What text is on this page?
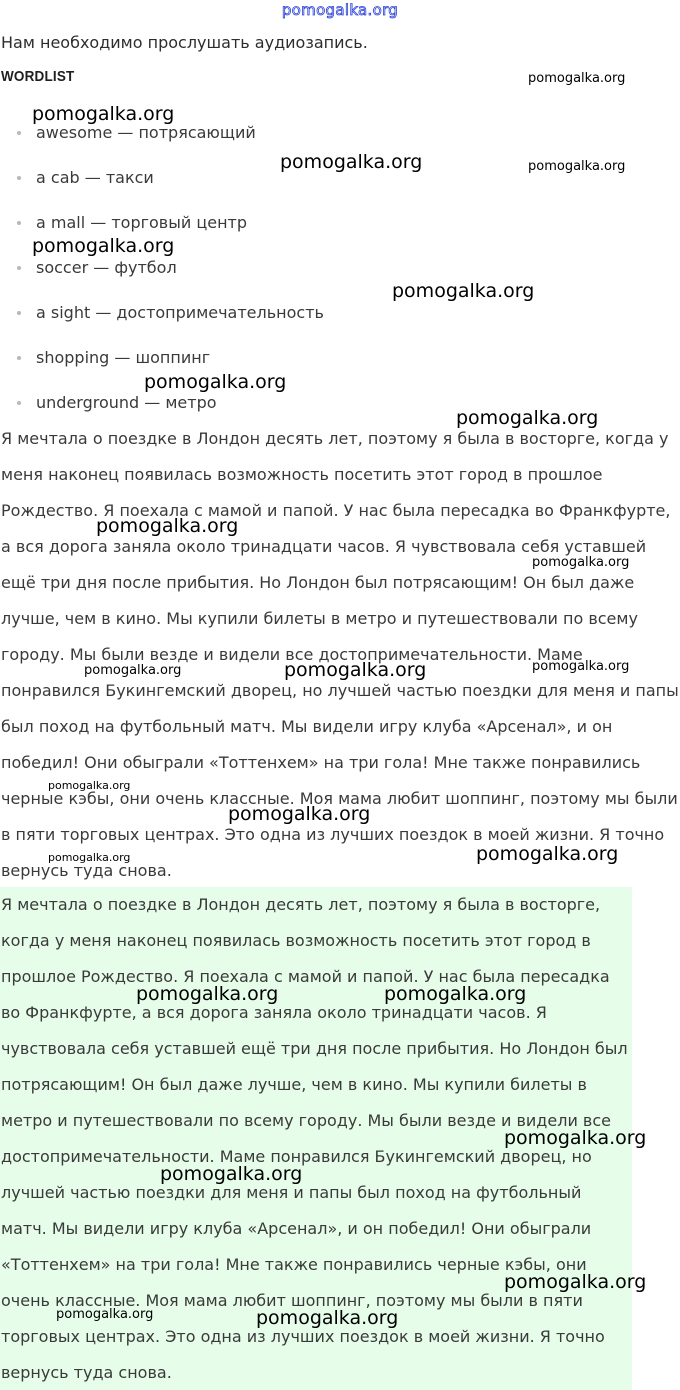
pomogalka.org

Нам необходимо прослушать аудиозапись.

WORDLIST
awesome — потрясающий
a cab — такси
a mall — торговый центр
soccer — футбол
a sight — достопримечательность
shopping — шоппинг
underground — метро

Я мечтала о поездке в Лондон десять лет, поэтому я была в восторге, когда у меня наконец появилась возможность посетить этот город в прошлое Рождество. Я поехала с мамой и папой. У нас была пересадка во Франкфурте, а вся дорога заняла около тринадцати часов. Я чувствовала себя уставшей ещё три дня после прибытия. Но Лондон был потрясающим! Он был даже лучше, чем в кино. Мы купили билеты в метро и путешествовали по всему городу. Мы были везде и видели все достопримечательности. Маме понравился Букингемский дворец, но лучшей частью поездки для меня и папы был поход на футбольный матч. Мы видели игру клуба «Арсенал», и он победил! Они обыграли «Тоттенхем» на три гола! Мне также понравились черные кэбы, они очень классные. Моя мама любит шоппинг, поэтому мы были в пяти торговых центрах. Это одна из лучших поездок в моей жизни. Я точно вернусь туда снова.

Я мечтала о поездке в Лондон десять лет, поэтому я была в восторге, когда у меня наконец появилась возможность посетить этот город в прошлое Рождество. Я поехала с мамой и папой. У нас была пересадка во Франкфурте, а вся дорога заняла около тринадцати часов. Я чувствовала себя уставшей ещё три дня после прибытия. Но Лондон был потрясающим! Он был даже лучше, чем в кино. Мы купили билеты в метро и путешествовали по всему городу. Мы были везде и видели все достопримечательности. Маме понравился Букингемский дворец, но лучшей частью поездки для меня и папы был поход на футбольный матч. Мы видели игру клуба «Арсенал», и он победил! Они обыграли «Тоттенхем» на три гола! Мне также понравились черные кэбы, они очень классные. Моя мама любит шоппинг, поэтому мы были в пяти торговых центрах. Это одна из лучших поездок в моей жизни. Я точно вернусь туда снова.

pomogalka.org
pomogalka.org
pomogalka.org	pomogalka.org
pomogalka.org
pomogalka.org
pomogalka.org
pomogalka.org
pomogalka.org
pomogalka.org
pomogalka.org	pomogalka.org	pomogalka.org
pomogalka.org
pomogalka.org
pomogalka.org	pomogalka.org
pomogalka.org	pomogalka.org
pomogalka.org
pomogalka.org
pomogalka.org
pomogalka.org	pomogalka.org
